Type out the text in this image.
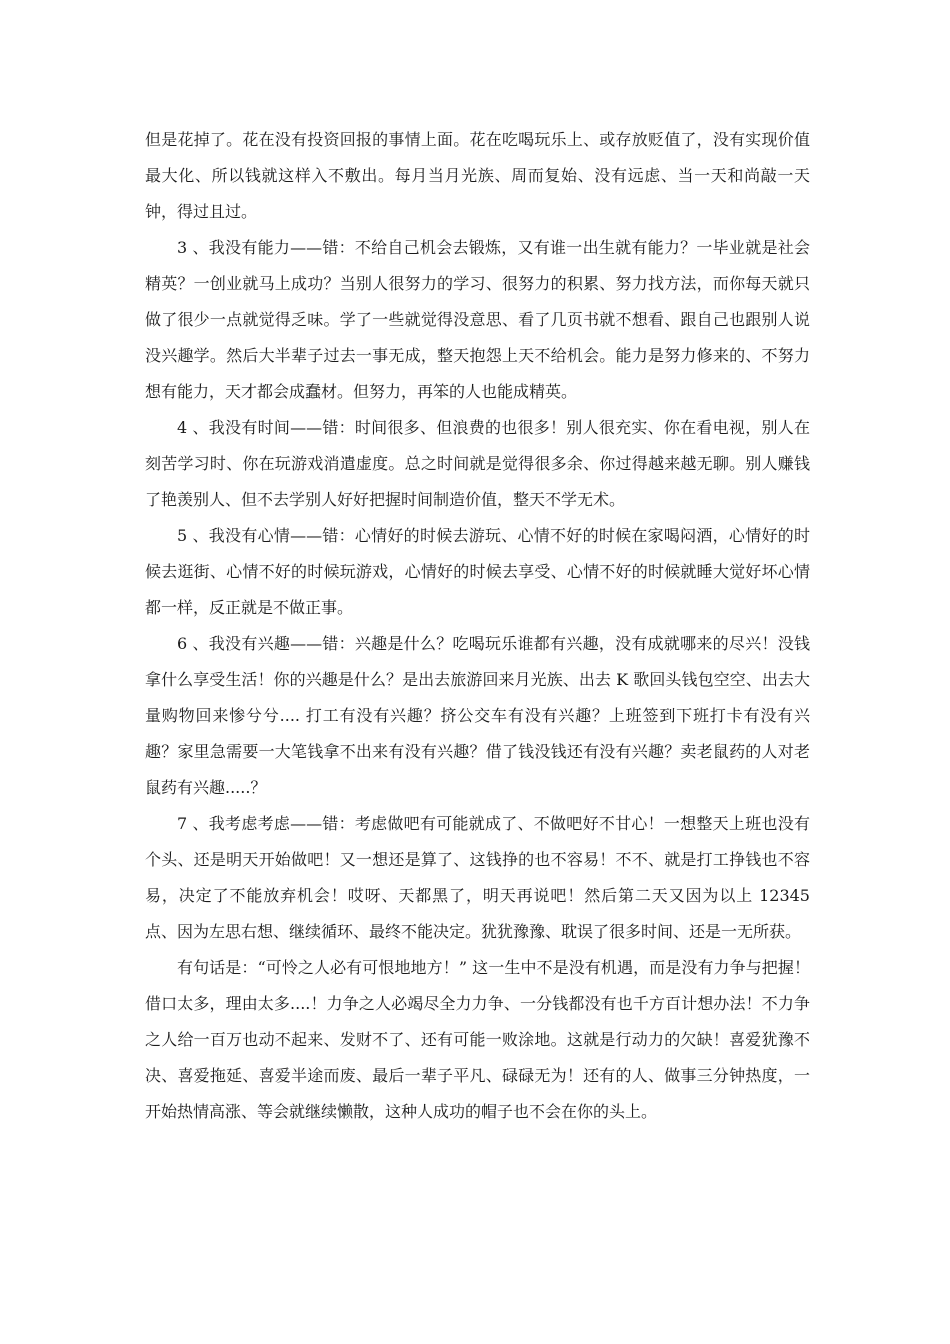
但是花掉了。花在没有投资回报的事情上面。花在吃喝玩乐上、或存放贬值了，没有实现价值最大化、所以钱就这样入不敷出。每月当月光族、周而复始、没有远虑、当一天和尚敲一天钟，得过且过。

3 、我没有能力——错：不给自己机会去锻炼，又有谁一出生就有能力？一毕业就是社会精英？一创业就马上成功？当别人很努力的学习、很努力的积累、努力找方法，而你每天就只做了很少一点就觉得乏味。学了一些就觉得没意思、看了几页书就不想看、跟自己也跟别人说没兴趣学。然后大半辈子过去一事无成，整天抱怨上天不给机会。能力是努力修来的、不努力想有能力，天才都会成蠢材。但努力，再笨的人也能成精英。

4 、我没有时间——错：时间很多、但浪费的也很多！别人很充实、你在看电视，别人在刻苦学习时、你在玩游戏消遣虚度。总之时间就是觉得很多余、你过得越来越无聊。别人赚钱了艳羡别人、但不去学别人好好把握时间制造价值，整天不学无术。

5 、我没有心情——错：心情好的时候去游玩、心情不好的时候在家喝闷酒，心情好的时候去逛街、心情不好的时候玩游戏，心情好的时候去享受、心情不好的时候就睡大觉好坏心情都一样，反正就是不做正事。

6 、我没有兴趣——错：兴趣是什么？吃喝玩乐谁都有兴趣，没有成就哪来的尽兴！没钱拿什么享受生活！你的兴趣是什么？是出去旅游回来月光族、出去 K 歌回头钱包空空、出去大量购物回来惨兮兮.... 打工有没有兴趣？挤公交车有没有兴趣？上班签到下班打卡有没有兴趣？家里急需要一大笔钱拿不出来有没有兴趣？借了钱没钱还有没有兴趣？卖老鼠药的人对老鼠药有兴趣.....？

7 、我考虑考虑——错：考虑做吧有可能就成了、不做吧好不甘心！一想整天上班也没有个头、还是明天开始做吧！又一想还是算了、这钱挣的也不容易！不不、就是打工挣钱也不容易，决定了不能放弃机会！哎呀、天都黑了，明天再说吧！然后第二天又因为以上 12345 点、因为左思右想、继续循环、最终不能决定。犹犹豫豫、耽误了很多时间、还是一无所获。

有句话是：“可怜之人必有可恨地地方！” 这一生中不是没有机遇，而是没有力争与把握！借口太多，理由太多....！力争之人必竭尽全力力争、一分钱都没有也千方百计想办法！不力争之人给一百万也动不起来、发财不了、还有可能一败涂地。这就是行动力的欠缺！喜爱犹豫不决、喜爱拖延、喜爱半途而废、最后一辈子平凡、碌碌无为！还有的人、做事三分钟热度，一开始热情高涨、等会就继续懒散，这种人成功的帽子也不会在你的头上。
